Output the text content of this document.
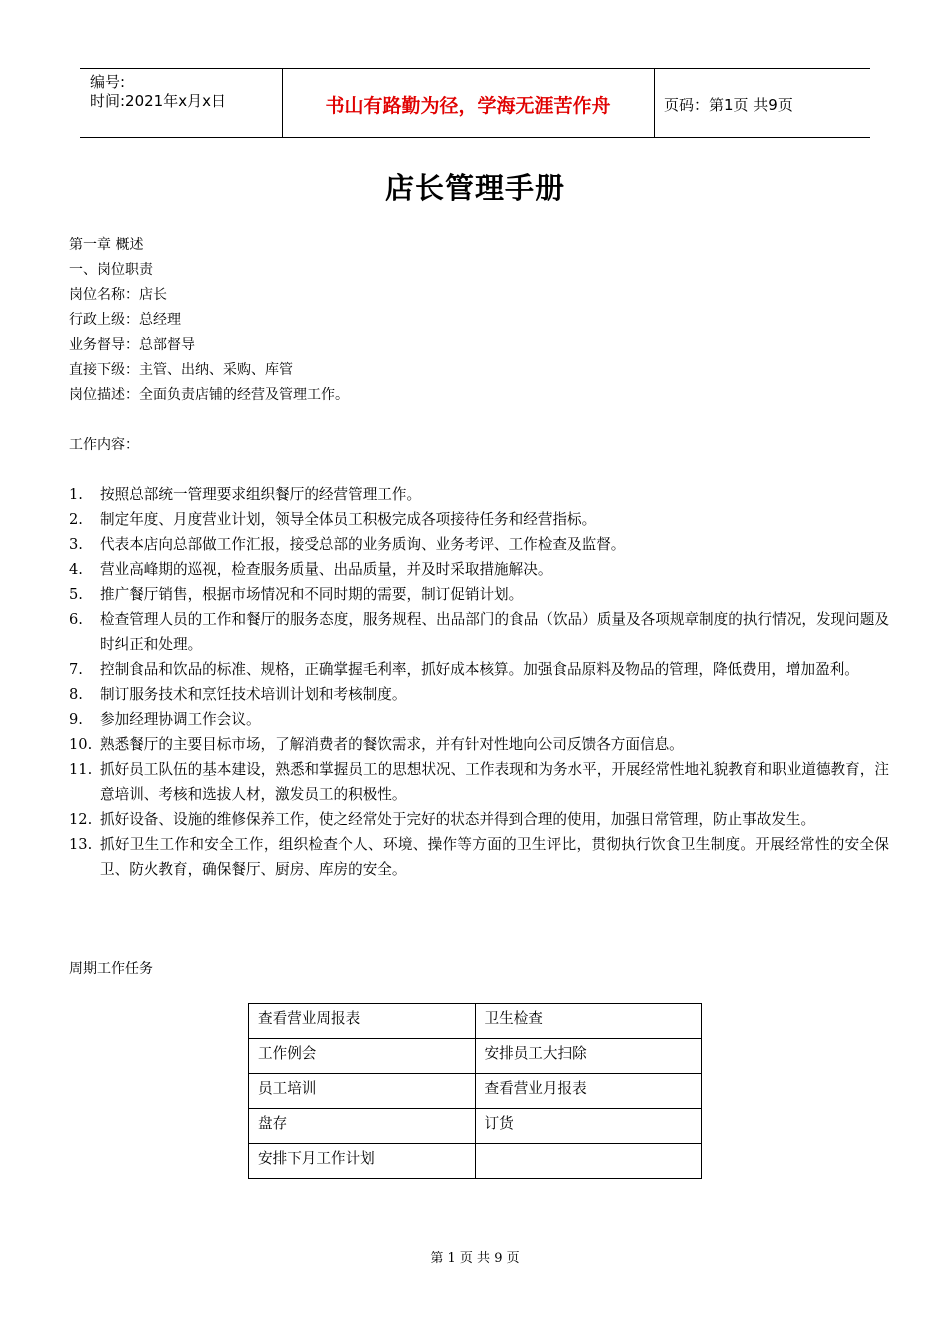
编号:
时间:2021年x月x日	书山有路勤为径，学海无涯苦作舟	页码：第1页 共9页
店长管理手册
第一章 概述
一、岗位职责
岗位名称：店长
行政上级：总经理
业务督导：总部督导
直接下级：主管、出纳、采购、库管
岗位描述：全面负责店铺的经营及管理工作。
工作内容：
1.	按照总部统一管理要求组织餐厅的经营管理工作。
2.	制定年度、月度营业计划，领导全体员工积极完成各项接待任务和经营指标。
3.	代表本店向总部做工作汇报，接受总部的业务质询、业务考评、工作检查及监督。
4.	营业高峰期的巡视，检查服务质量、出品质量，并及时采取措施解决。
5.	推广餐厅销售，根据市场情况和不同时期的需要，制订促销计划。
6.	检查管理人员的工作和餐厅的服务态度，服务规程、出品部门的食品（饮品）质量及各项规章制度的执行情况，发现问题及时纠正和处理。
7.	控制食品和饮品的标准、规格，正确掌握毛利率，抓好成本核算。加强食品原料及物品的管理，降低费用，增加盈利。
8.	制订服务技术和烹饪技术培训计划和考核制度。
9.	参加经理协调工作会议。
10. 熟悉餐厅的主要目标市场，了解消费者的餐饮需求，并有针对性地向公司反馈各方面信息。
11. 抓好员工队伍的基本建设，熟悉和掌握员工的思想状况、工作表现和为务水平，开展经常性地礼貌教育和职业道德教育，注意培训、考核和选拔人材，激发员工的积极性。
12. 抓好设备、设施的维修保养工作，使之经常处于完好的状态并得到合理的使用，加强日常管理，防止事故发生。
13. 抓好卫生工作和安全工作，组织检查个人、环境、操作等方面的卫生评比，贯彻执行饮食卫生制度。开展经常性的安全保卫、防火教育，确保餐厅、厨房、库房的安全。
周期工作任务
查看营业周报表	卫生检查
工作例会	安排员工大扫除
员工培训	查看营业月报表
盘存	订货
安排下月工作计划	
第 1 页 共 9 页
